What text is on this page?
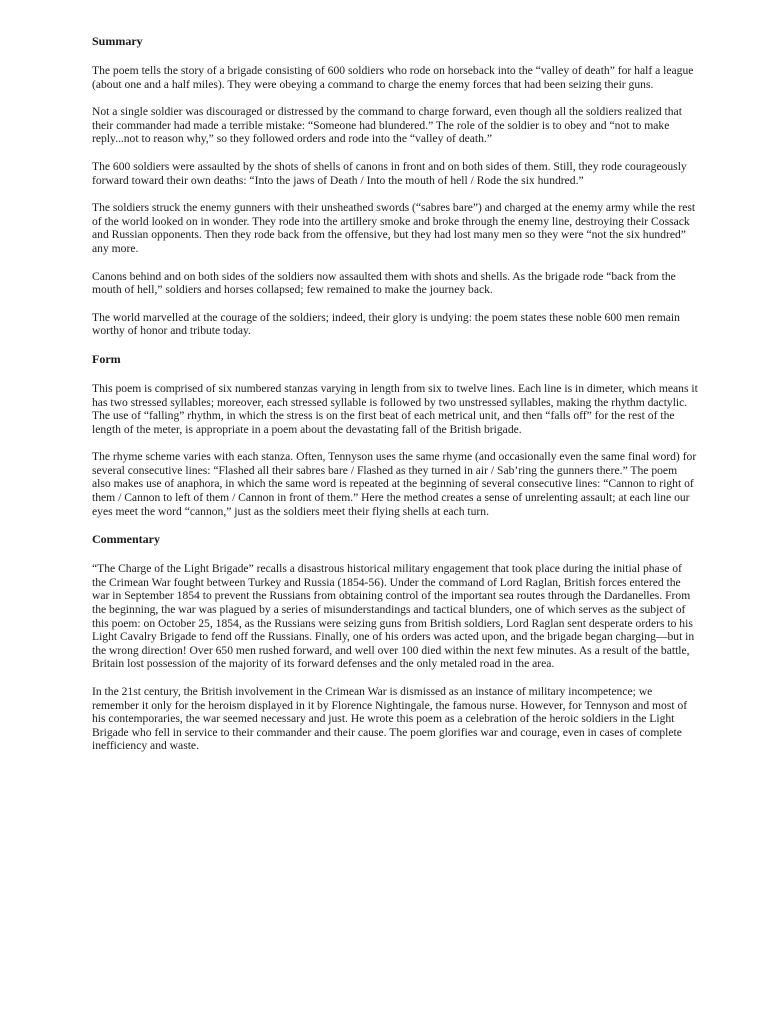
Summary

The poem tells the story of a brigade consisting of 600 soldiers who rode on horseback into the “valley of death” for half a league (about one and a half miles). They were obeying a command to charge the enemy forces that had been seizing their guns.

Not a single soldier was discouraged or distressed by the command to charge forward, even though all the soldiers realized that their commander had made a terrible mistake: “Someone had blundered.” The role of the soldier is to obey and “not to make reply...not to reason why,” so they followed orders and rode into the “valley of death.”

The 600 soldiers were assaulted by the shots of shells of canons in front and on both sides of them. Still, they rode courageously forward toward their own deaths: “Into the jaws of Death / Into the mouth of hell / Rode the six hundred.”

The soldiers struck the enemy gunners with their unsheathed swords (“sabres bare”) and charged at the enemy army while the rest of the world looked on in wonder. They rode into the artillery smoke and broke through the enemy line, destroying their Cossack and Russian opponents. Then they rode back from the offensive, but they had lost many men so they were “not the six hundred” any more.

Canons behind and on both sides of the soldiers now assaulted them with shots and shells. As the brigade rode “back from the mouth of hell,” soldiers and horses collapsed; few remained to make the journey back.

The world marvelled at the courage of the soldiers; indeed, their glory is undying: the poem states these noble 600 men remain worthy of honor and tribute today.

Form

This poem is comprised of six numbered stanzas varying in length from six to twelve lines. Each line is in dimeter, which means it has two stressed syllables; moreover, each stressed syllable is followed by two unstressed syllables, making the rhythm dactylic. The use of “falling” rhythm, in which the stress is on the first beat of each metrical unit, and then “falls off” for the rest of the length of the meter, is appropriate in a poem about the devastating fall of the British brigade.

The rhyme scheme varies with each stanza. Often, Tennyson uses the same rhyme (and occasionally even the same final word) for several consecutive lines: “Flashed all their sabres bare / Flashed as they turned in air / Sab’ring the gunners there.” The poem also makes use of anaphora, in which the same word is repeated at the beginning of several consecutive lines: “Cannon to right of them / Cannon to left of them / Cannon in front of them.” Here the method creates a sense of unrelenting assault; at each line our eyes meet the word “cannon,” just as the soldiers meet their flying shells at each turn.

Commentary

“The Charge of the Light Brigade” recalls a disastrous historical military engagement that took place during the initial phase of the Crimean War fought between Turkey and Russia (1854-56). Under the command of Lord Raglan, British forces entered the war in September 1854 to prevent the Russians from obtaining control of the important sea routes through the Dardanelles. From the beginning, the war was plagued by a series of misunderstandings and tactical blunders, one of which serves as the subject of this poem: on October 25, 1854, as the Russians were seizing guns from British soldiers, Lord Raglan sent desperate orders to his Light Cavalry Brigade to fend off the Russians. Finally, one of his orders was acted upon, and the brigade began charging—but in the wrong direction! Over 650 men rushed forward, and well over 100 died within the next few minutes. As a result of the battle, Britain lost possession of the majority of its forward defenses and the only metaled road in the area.

In the 21st century, the British involvement in the Crimean War is dismissed as an instance of military incompetence; we remember it only for the heroism displayed in it by Florence Nightingale, the famous nurse. However, for Tennyson and most of his contemporaries, the war seemed necessary and just. He wrote this poem as a celebration of the heroic soldiers in the Light Brigade who fell in service to their commander and their cause. The poem glorifies war and courage, even in cases of complete inefficiency and waste.
